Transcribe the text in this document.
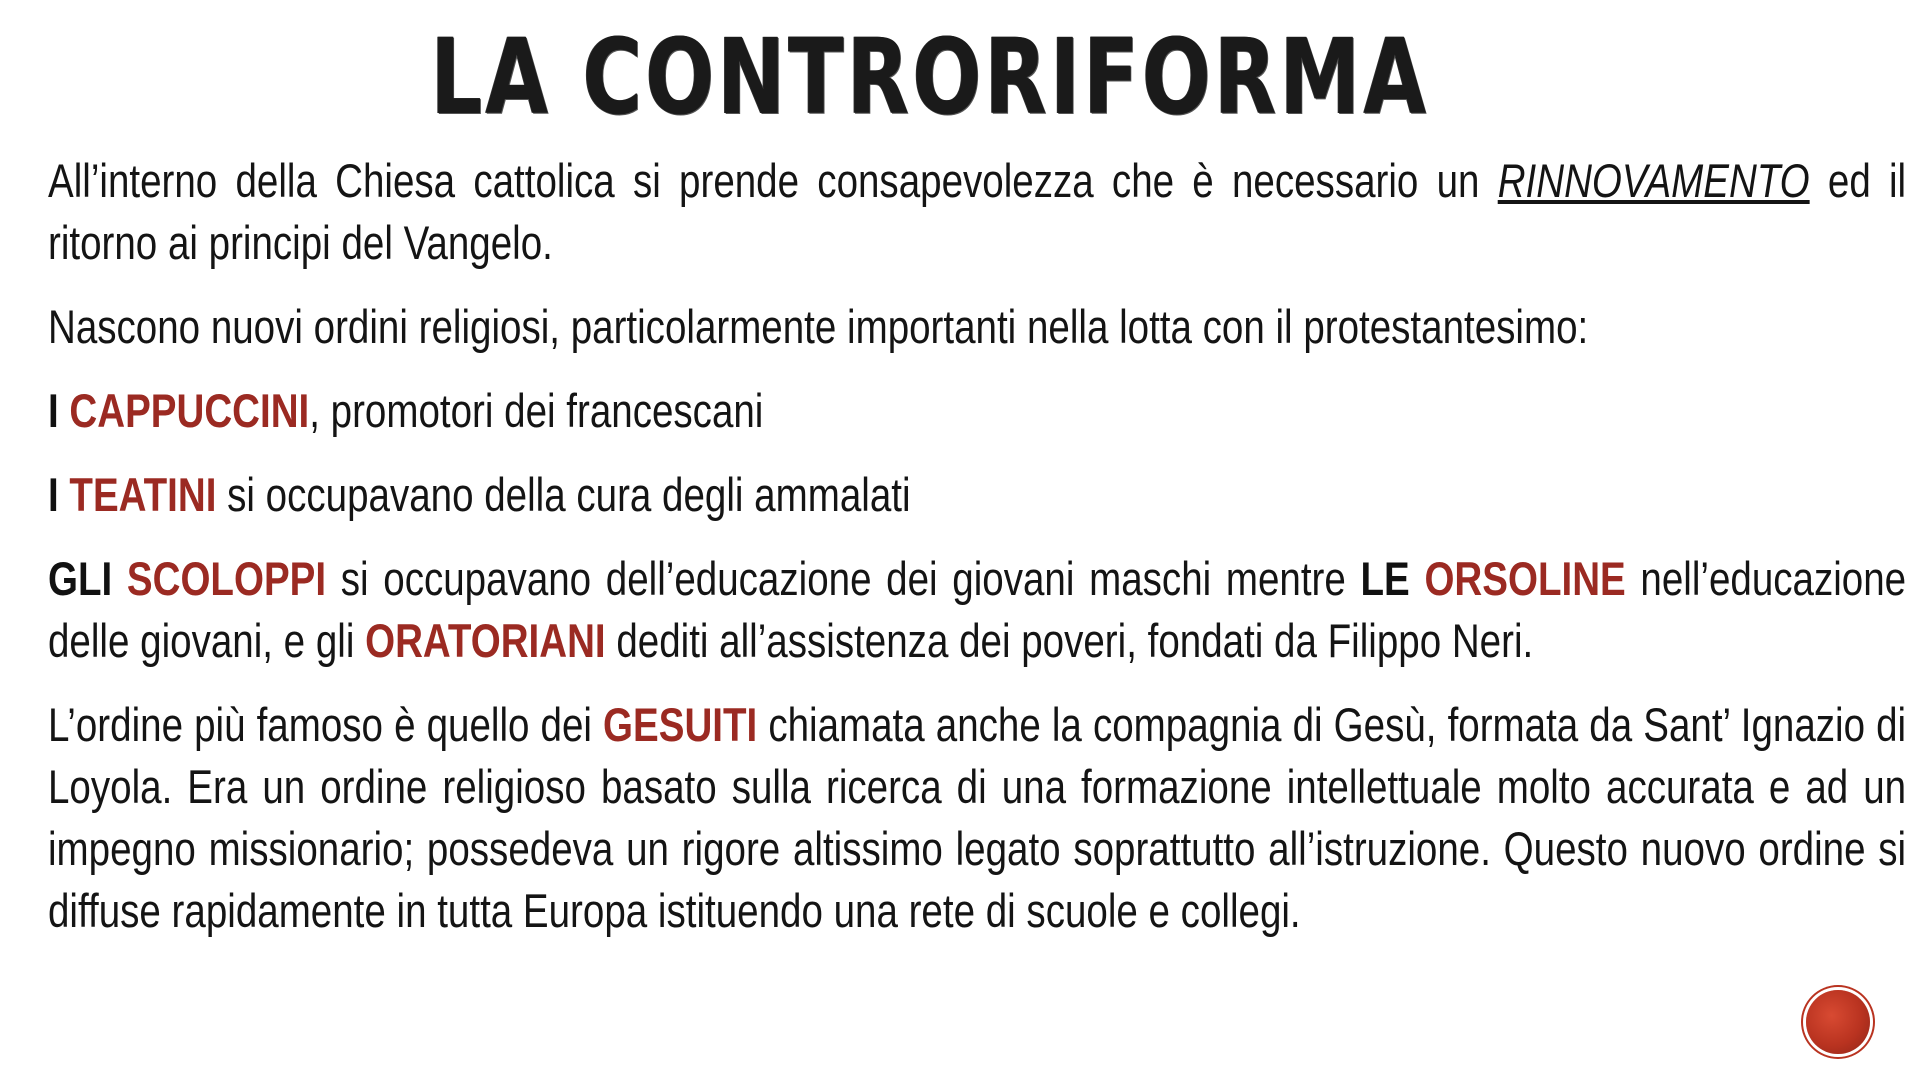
LA CONTRORIFORMA

All’interno della Chiesa cattolica si prende consapevolezza che è necessario un RINNOVAMENTO ed il ritorno ai principi del Vangelo.

Nascono nuovi ordini religiosi, particolarmente importanti nella lotta con il protestantesimo:

I CAPPUCCINI, promotori dei francescani

I TEATINI si occupavano della cura degli ammalati

GLI SCOLOPPI si occupavano dell’educazione dei giovani maschi mentre LE ORSOLINE nell’educazione delle giovani, e gli ORATORIANI dediti all’assistenza dei poveri, fondati da Filippo Neri.

L’ordine più famoso è quello dei GESUITI chiamata anche la compagnia di Gesù, formata da Sant’ Ignazio di Loyola. Era un ordine religioso basato sulla ricerca di una formazione intellettuale molto accurata e ad un impegno missionario; possedeva un rigore altissimo legato soprattutto all’istruzione. Questo nuovo ordine si diffuse rapidamente in tutta Europa istituendo una rete di scuole e collegi.
